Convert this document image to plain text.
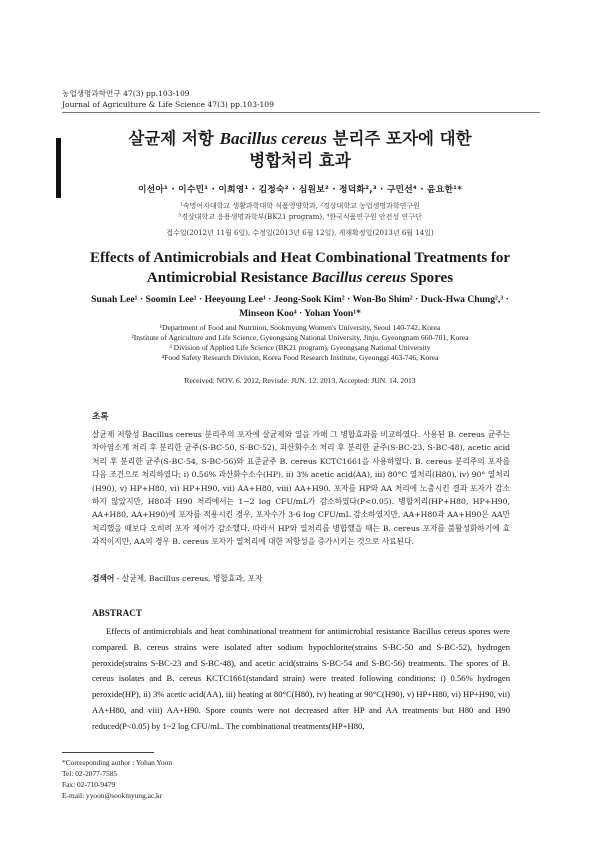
농업생명과학연구 47(3) pp.103-109
Journal of Agriculture & Life Science 47(3) pp.103-109
살균제 저항 Bacillus cereus 분리주 포자에 대한
병합처리 효과
이선아¹ · 이수민¹ · 이희영¹ · 김정숙² · 심원보² · 정덕화²,³ · 구민선⁴ · 윤요한¹*
¹숙명여자대학교 생활과학대학 식품영양학과, ²경상대학교 농업생명과학연구원
³경상대학교 응용생명과학부(BK21 program), ⁴한국식품연구원 안전성 연구단
접수일(2012년 11월 6일), 수정일(2013년 6월 12일), 게재확정일(2013년 6월 14일)
Effects of Antimicrobials and Heat Combinational Treatments for
Antimicrobial Resistance Bacillus cereus Spores
Sunah Lee¹ · Soomin Lee¹ · Heeyoung Lee¹ · Jeong-Sook Kim² · Won-Bo Shim² · Duck-Hwa Chung²,³ ·
Minseon Koo⁴ · Yohan Yoon¹*
¹Department of Food and Nutrition, Sookmyung Women's University, Seoul 140-742, Korea
²Institute of Agriculture and Life Science, Gyeongsang National University, Jinju, Gyeongnam 660-701, Korea
³ Division of Applied Life Science (BK21 program), Gyeongsang National University
⁴Food Safety Research Division, Korea Food Research Institute, Gyeonggi 463-746, Korea
Received: NOV. 6. 2012, Revisde: JUN. 12. 2013, Accepted: JUN. 14. 2013
초록
살균제 저항성 Bacillus cereus 분리주의 포자에 살균제와 열을 가해 그 병합효과를 비교하였다. 사용된 B. cereus 균주는 차아염소계 처리 후 분리한 균주(S-BC-50, S-BC-52), 과산화수소 처리 후 분리한 균주(S-BC-23, S-BC-48), acetic acid 처리 후 분리한 균주(S-BC-54, S-BC-56)와 표준균주 B. cereus KCTC1661을 사용하였다. B. cereus 분리주의 포자를 다음 조건으로 처리하였다; i) 0.56% 과산화수소수(HP), ii) 3% acetic acid(AA), iii) 80°C 열처리(H80), iv) 90° 열처리(H90), v) HP+H80, vi) HP+H90, vii) AA+H80, viii) AA+H90. 포자를 HP와 AA 처리에 노출시킨 결과 포자가 감소하지 않았지만, H80과 H90 처리에서는 1~2 log CFU/mL가 감소하였다(P<0.05). 병합처리(HP+H80, HP+H90, AA+H80, AA+H90)에 포자를 적용시킨 경우, 포자수가 3-6 log CFU/mL 감소하였지만, AA+H80과 AA+H90은 AA만 처리했을 때보다 오히려 포자 제어가 감소했다. 따라서 HP와 열처리를 병합했을 때는 B. cereus 포자를 불활성화하기에 효과적이지만, AA의 경우 B. cereus 포자가 열처리에 대한 저항성을 증가시키는 것으로 사료된다.
검색어 - 살균제, Bacillus cereus, 병합효과, 포자
ABSTRACT
Effects of antimicrobials and heat combinational treatment for antimicrobial resistance Bacillus cereus spores were compared. B. cereus strains were isolated after sodium hypochlorite(strains S-BC-50 and S-BC-52), hydrogen peroxide(strains S-BC-23 and S-BC-48), and acetic acid(strains S-BC-54 and S-BC-56) treatments. The spores of B. cereus isolates and B. cereus KCTC1661(standard strain) were treated following conditions; i) 0.56% hydrogen peroxide(HP), ii) 3% acetic acid(AA), iii) heating at 80°C(H80), iv) heating at 90°C(H90), v) HP+H80, vi) HP+H90, vii) AA+H80, and viii) AA+H90. Spore counts were not decreased after HP and AA treatments but H80 and H90 reduced(P<0.05) by 1~2 log CFU/mL. The combinational treatments(HP+H80,
*Corresponding author : Yohan Yoon
Tel: 02-2077-7585
Fax: 02-710-9479
E-mail: yyoon@sookmyung.ac.kr
